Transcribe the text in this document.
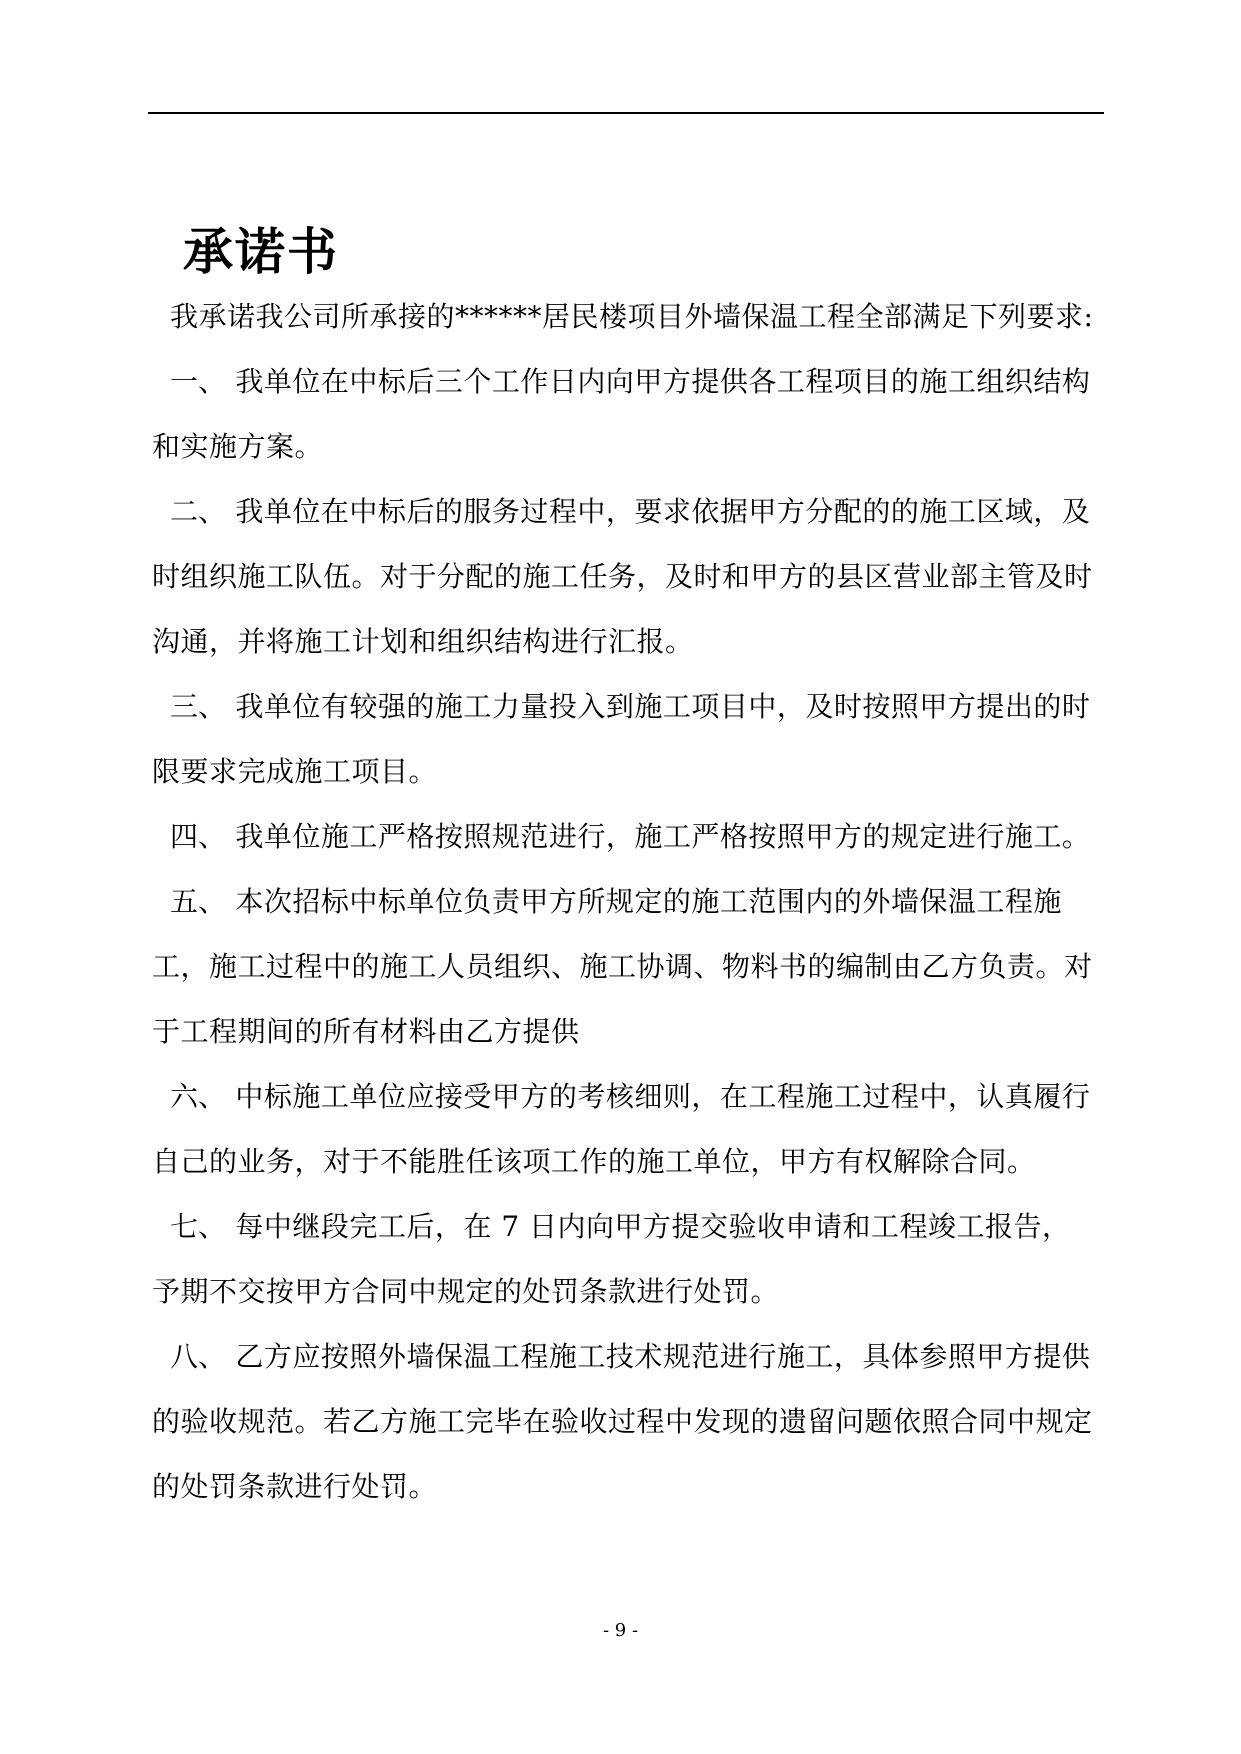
承诺书

我承诺我公司所承接的******居民楼项目外墙保温工程全部满足下列要求:

一、 我单位在中标后三个工作日内向甲方提供各工程项目的施工组织结构和实施方案。

二、 我单位在中标后的服务过程中，要求依据甲方分配的的施工区域，及时组织施工队伍。对于分配的施工任务，及时和甲方的县区营业部主管及时沟通，并将施工计划和组织结构进行汇报。

三、 我单位有较强的施工力量投入到施工项目中，及时按照甲方提出的时限要求完成施工项目。

四、 我单位施工严格按照规范进行，施工严格按照甲方的规定进行施工。

五、 本次招标中标单位负责甲方所规定的施工范围内的外墙保温工程施工，施工过程中的施工人员组织、施工协调、物料书的编制由乙方负责。对于工程期间的所有材料由乙方提供

六、 中标施工单位应接受甲方的考核细则，在工程施工过程中，认真履行自己的业务，对于不能胜任该项工作的施工单位，甲方有权解除合同。

七、 每中继段完工后，在 7 日内向甲方提交验收申请和工程竣工报告，予期不交按甲方合同中规定的处罚条款进行处罚。

八、 乙方应按照外墙保温工程施工技术规范进行施工，具体参照甲方提供的验收规范。若乙方施工完毕在验收过程中发现的遗留问题依照合同中规定的处罚条款进行处罚。

- 9 -
